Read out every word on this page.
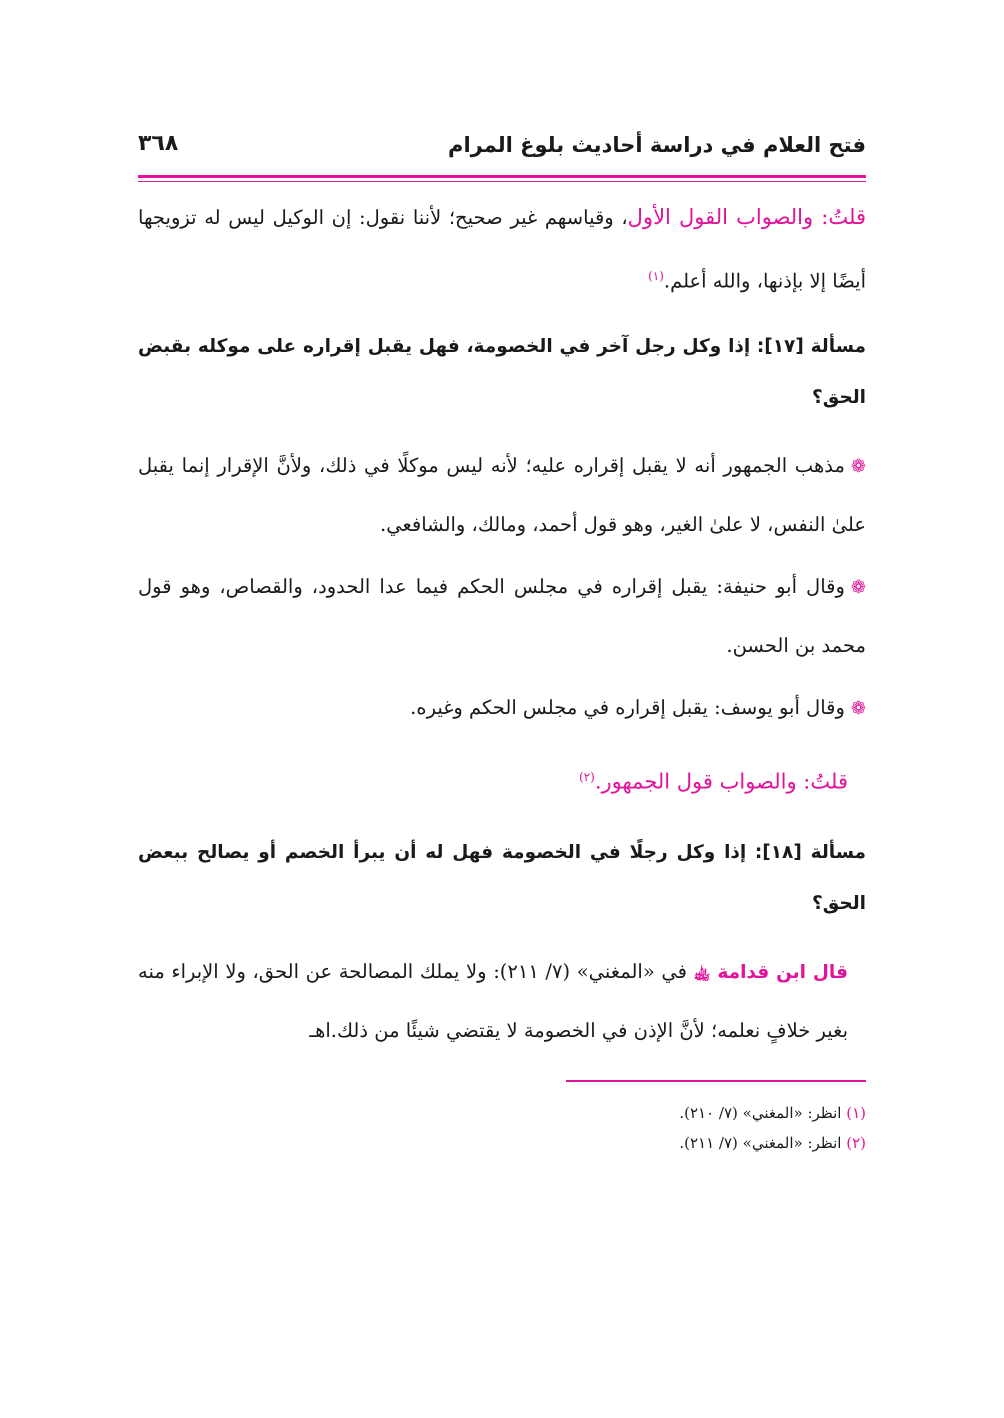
فتح العلام في دراسة أحاديث بلوغ المرام
٣٦٨

قلتُ: والصواب القول الأول، وقياسهم غير صحيح؛ لأننا نقول: إن الوكيل ليس له تزويجها أيضًا إلا بإذنها، والله أعلم.$^{(١)}$

مسألة [١٧]: إذا وكل رجل آخر في الخصومة، فهل يقبل إقراره على موكله بقبض الحق؟

❁مذهب الجمهور أنه لا يقبل إقراره عليه؛ لأنه ليس موكلًا في ذلك، ولأنَّ الإقرار إنما يقبل علىٰ النفس، لا علىٰ الغير، وهو قول أحمد، ومالك، والشافعي.

❁وقال أبو حنيفة: يقبل إقراره في مجلس الحكم فيما عدا الحدود، والقصاص، وهو قول محمد بن الحسن.

❁وقال أبو يوسف: يقبل إقراره في مجلس الحكم وغيره.

قلتُ: والصواب قول الجمهور.$^{(٢)}$

مسألة [١٨]: إذا وكل رجلًا في الخصومة فهل له أن يبرأ الخصم أو يصالح ببعض الحق؟

قال ابن قدامة ﵀ في «المغني» (٧/ ٢١١): ولا يملك المصالحة عن الحق، ولا الإبراء منه بغير خلافٍ نعلمه؛ لأنَّ الإذن في الخصومة لا يقتضي شيئًا من ذلك.اهـ

(١) انظر: «المغني» (٧/ ٢١٠).
(٢) انظر: «المغني» (٧/ ٢١١).
